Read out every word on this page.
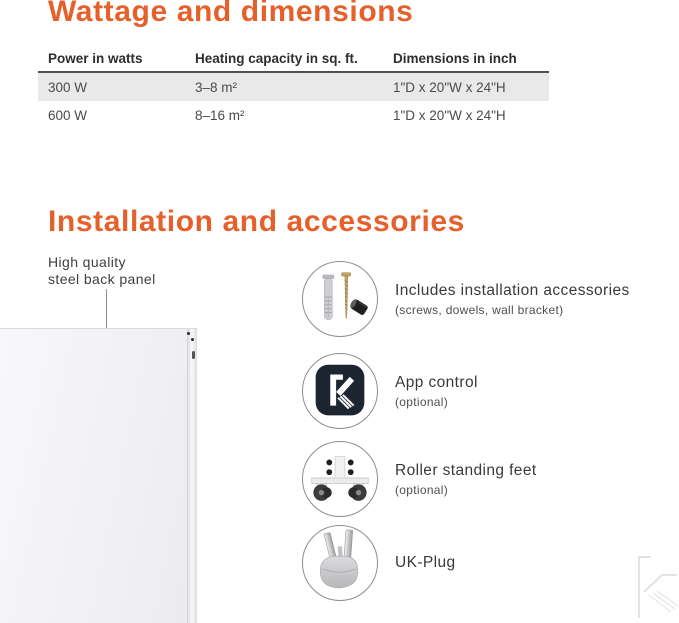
Wattage and dimensions
Power in watts	Heating capacity in sq. ft.	Dimensions in inch
300 W	3–8 m²	1"D x 20"W x 24"H
600 W	8–16 m²	1"D x 20"W x 24"H
Installation and accessories
High quality
steel back panel
Includes installation accessories
(screws, dowels, wall bracket)
App control
(optional)
Roller standing feet
(optional)
UK-Plug
